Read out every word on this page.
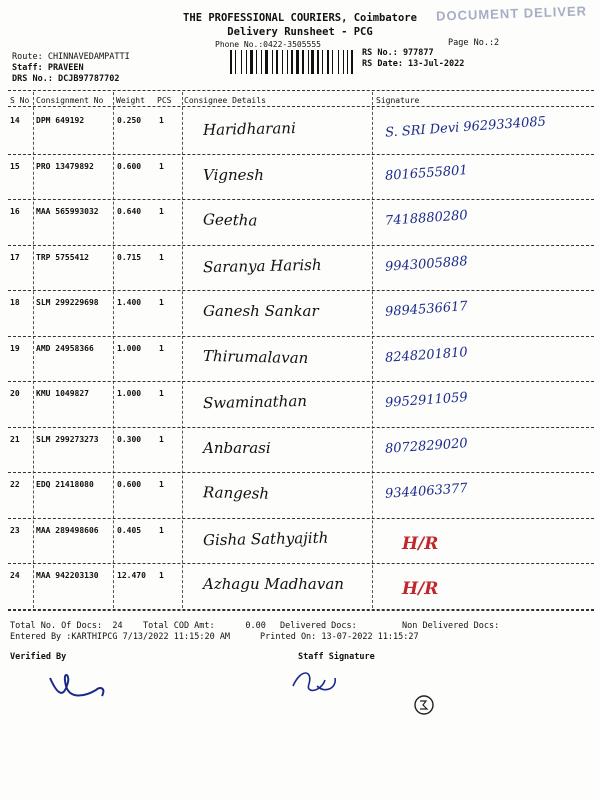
THE PROFESSIONAL COURIERS, Coimbatore
Delivery Runsheet - PCG
Phone No.:0422-3505555
DOCUMENT DELIVER
Page No.:2
Route: CHINNAVEDAMPATTI
Staff: PRAVEEN
DRS No.: DCJB97787702
RS No.: 977877
RS Date: 13-Jul-2022
S No Consignment No Weight PCS Consignee Details	Signature
14 DPM 649192	0.250 1	Haridharani	S. SRI Devi 9629334085
15 PRO 13479892	0.600 1	Vignesh	8016555801
16 MAA 565993032 0.640 1	Geetha	7418880280
17 TRP 5755412	0.715 1	Saranya Harish	9943005888
18 SLM 299229698 1.400 1	Ganesh Sankar	9894536617
19 AMD 24958366	1.000 1	Thirumalavan	8248201810
20 KMU 1049827	1.000 1	Swaminathan	9952911059
21 SLM 299273273 0.300 1	Anbarasi	8072829020
22 EDQ 21418080	0.600 1	Rangesh	9344063377
23 MAA 289498606 0.405 1	Gisha Sathyajith	H/R
24 MAA 942203130 12.470 1	Azhagu Madhavan	H/R
Total No. Of Docs:  24 Total COD Amt:      0.00 Delivered Docs:	Non Delivered Docs:
Entered By :KARTHIPCG 7/13/2022 11:15:20 AM	Printed On: 13-07-2022 11:15:27
Verified By	Staff Signature
